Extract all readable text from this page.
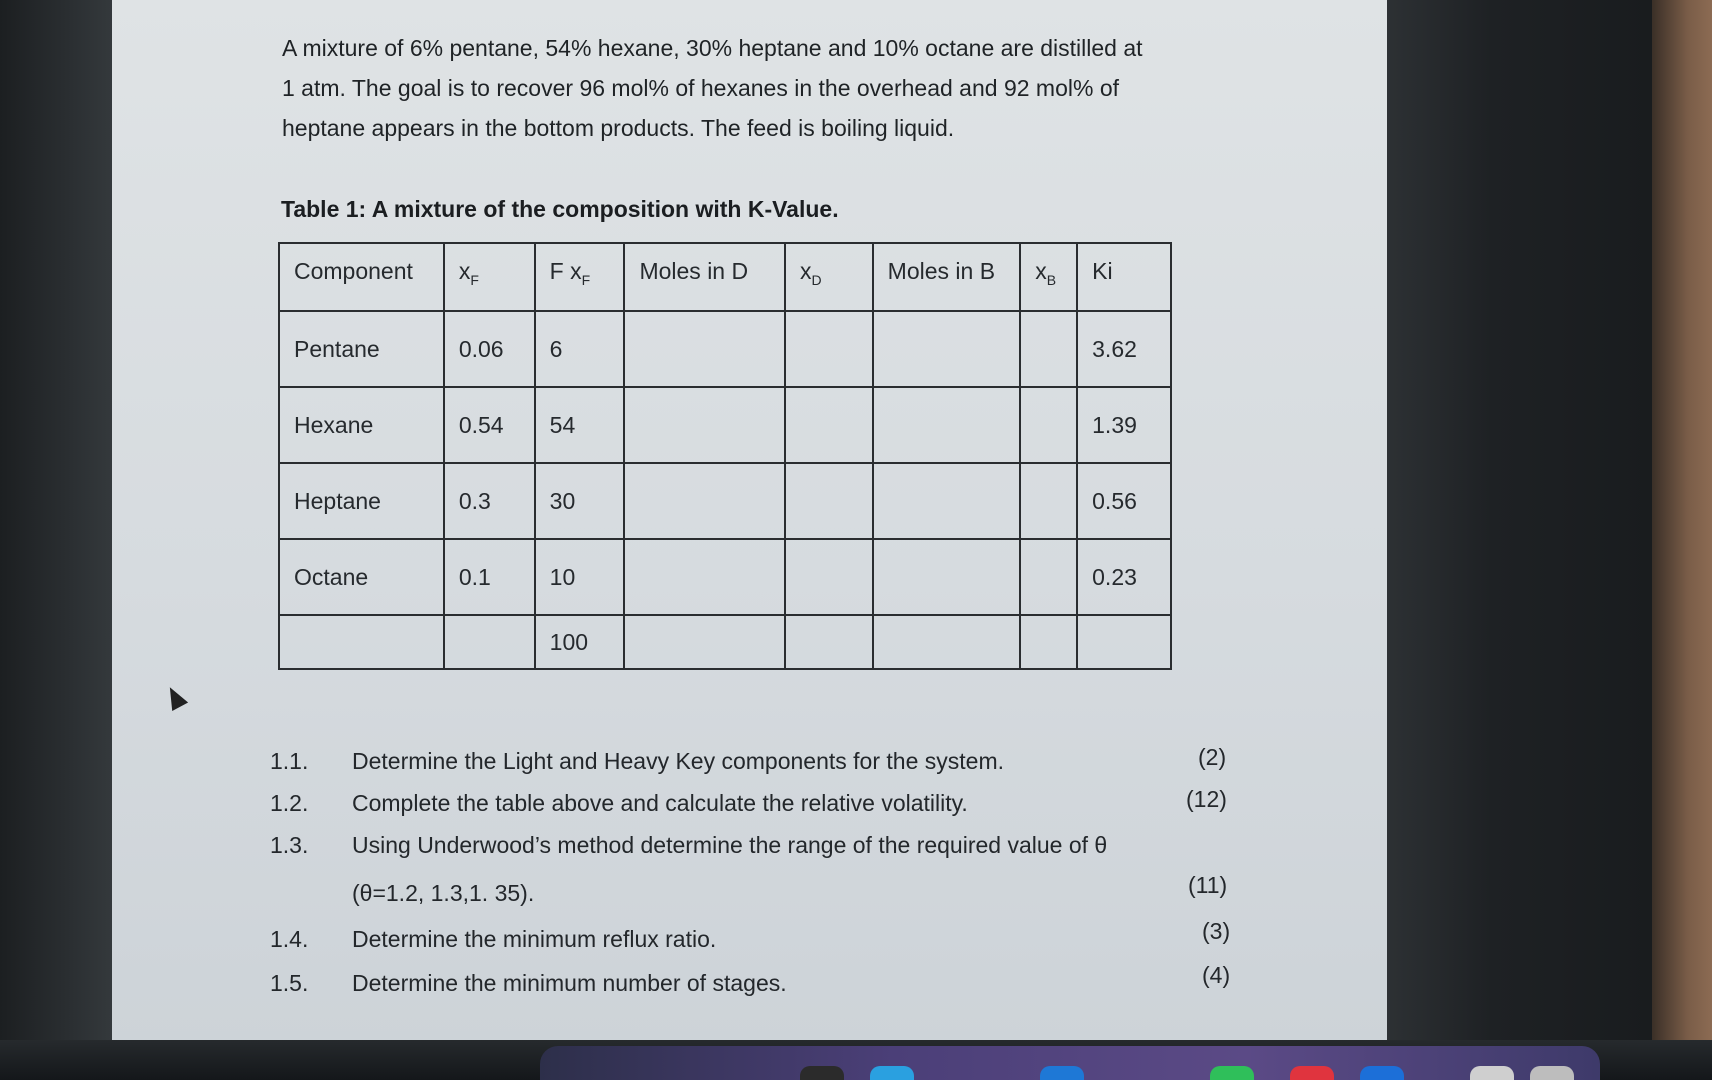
A mixture of 6% pentane, 54% hexane, 30% heptane and 10% octane are distilled at
1 atm. The goal is to recover 96 mol% of hexanes in the overhead and 92 mol% of
heptane appears in the bottom products. The feed is boiling liquid.
Table 1: A mixture of the composition with K-Value.
Component	$x_F$	F $x_F$	Moles in D	$x_D$	Moles in B	$x_B$	Ki
Pentane	0.06	6					3.62
Hexane	0.54	54					1.39
Heptane	0.3	30					0.56
Octane	0.1	10					0.23
		100					
1.1. Determine the Light and Heavy Key components for the system.	(2)
1.2. Complete the table above and calculate the relative volatility.	(12)
1.3. Using Underwood’s method determine the range of the required value of θ
(θ=1.2, 1.3,1. 35).	(11)
1.4. Determine the minimum reflux ratio.	(3)
1.5. Determine the minimum number of stages.	(4)
